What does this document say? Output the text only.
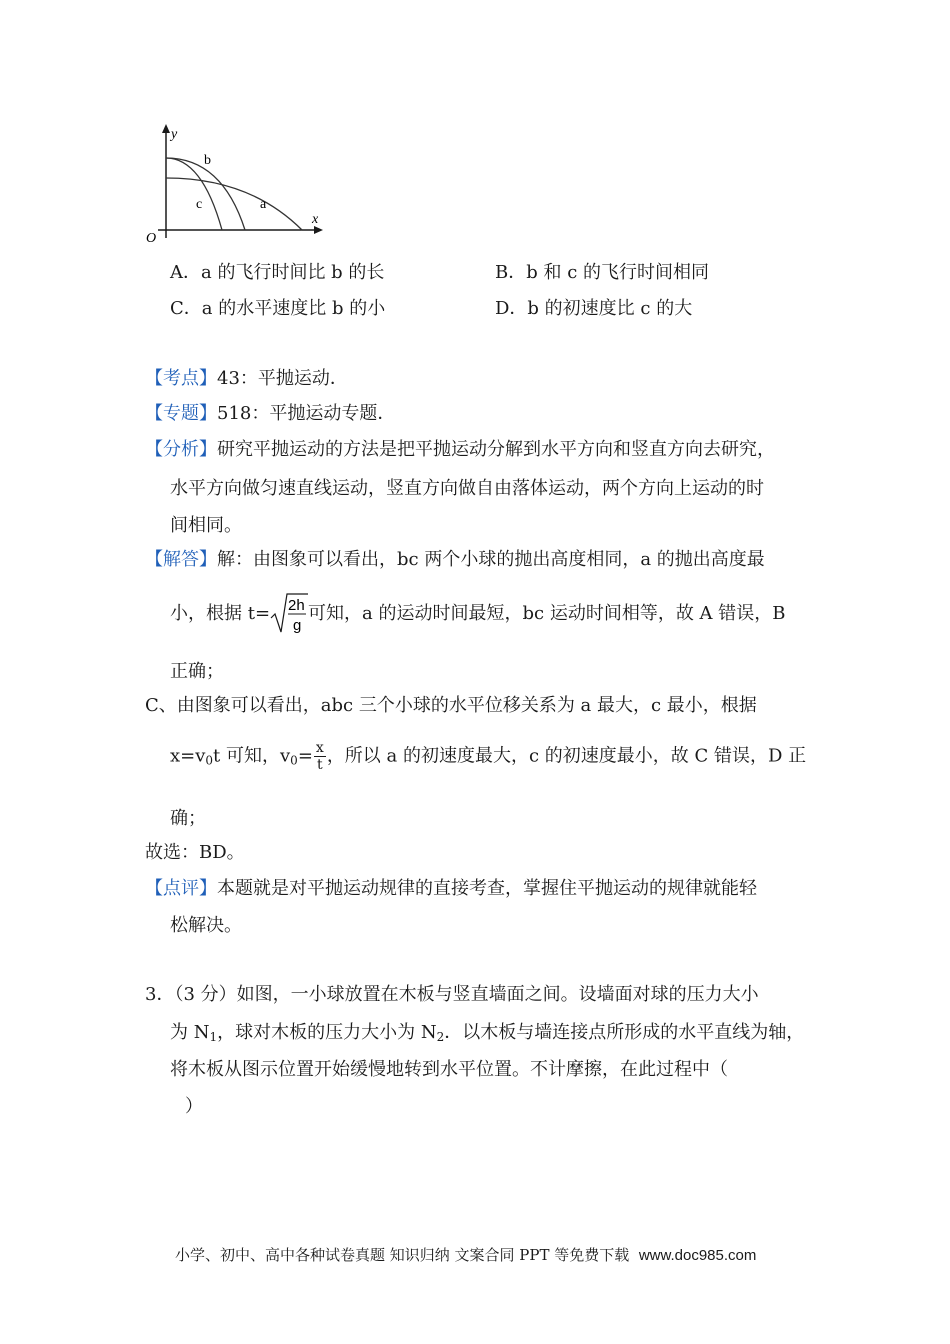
y
x
O
a
b
c
A．a 的飞行时间比 b 的长	B．b 和 c 的飞行时间相同
C．a 的水平速度比 b 的小	D．b 的初速度比 c 的大
【考点】43：平抛运动．
【专题】518：平抛运动专题．
【分析】研究平抛运动的方法是把平抛运动分解到水平方向和竖直方向去研究，
水平方向做匀速直线运动，竖直方向做自由落体运动，两个方向上运动的时
间相同。
【解答】解：由图象可以看出，bc 两个小球的抛出高度相同，a 的抛出高度最
小，根据 t= 2h
g
可知，a 的运动时间最短，bc 运动时间相等，故 A 错误，B
正确；
C、由图象可以看出，abc 三个小球的水平位移关系为 a 最大，c 最小，根据
$x=v_0t$ 可知，$v_0= \frac{x}{t}$ ，所以 a 的初速度最大，c 的初速度最小，故 C 错误，D 正
确；
故选：BD。
【点评】本题就是对平抛运动规律的直接考查，掌握住平抛运动的规律就能轻
松解决。
3．（3 分）如图，一小球放置在木板与竖直墙面之间。设墙面对球的压力大小
为 $N_1$，球对木板的压力大小为 $N_2$．以木板与墙连接点所形成的水平直线为轴，
将木板从图示位置开始缓慢地转到水平位置。不计摩擦，在此过程中（
）
小学、初中、高中各种试卷真题 知识归纳 文案合同 PPT 等免费下载 www.doc985.com
